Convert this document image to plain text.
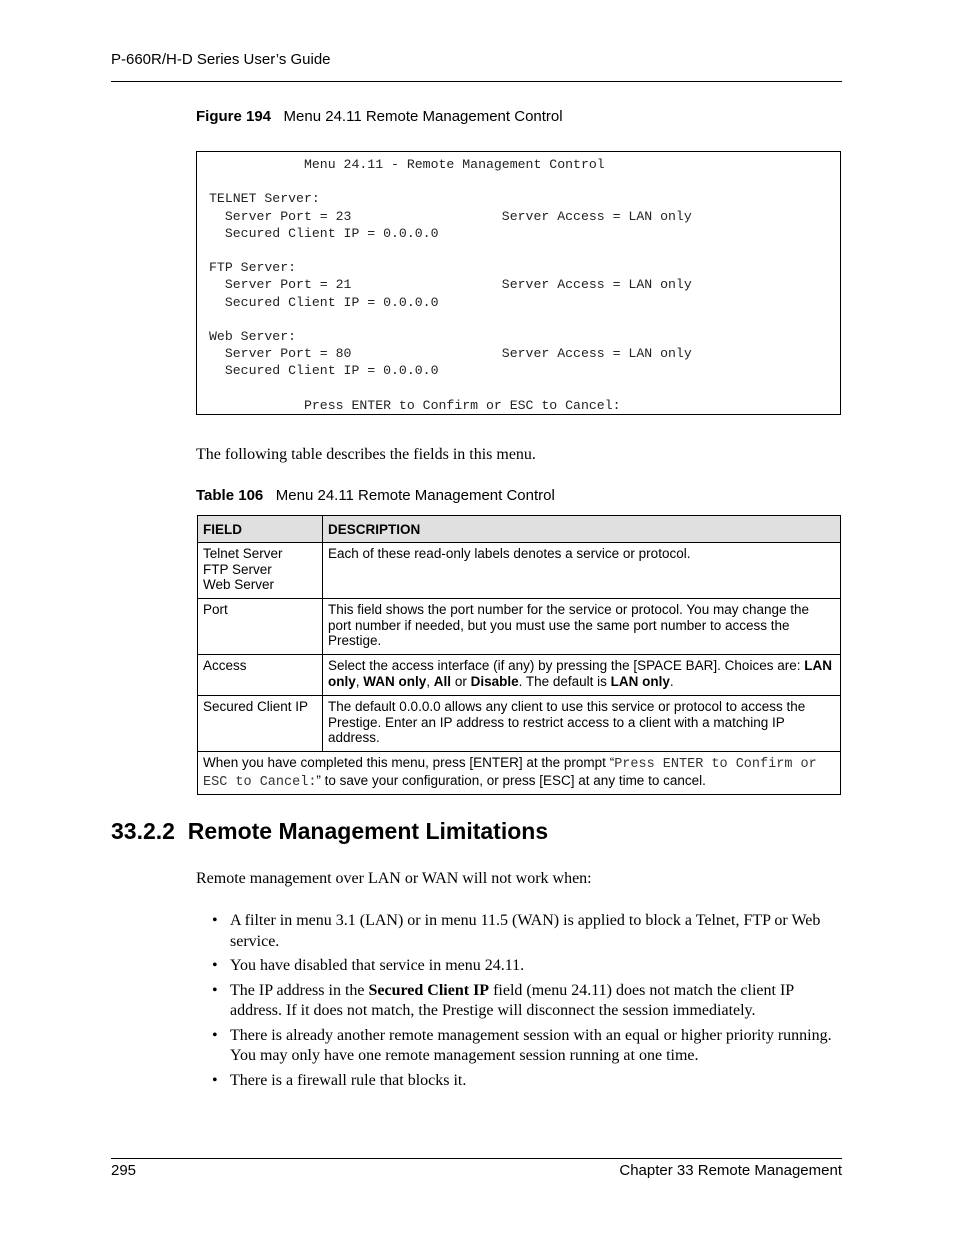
P-660R/H-D Series User’s Guide
Figure 194 Menu 24.11 Remote Management Control
Menu 24.11 - Remote Management Control

TELNET Server:
Server Port = 23                   Server Access = LAN only
Secured Client IP = 0.0.0.0

FTP Server:
Server Port = 21                   Server Access = LAN only
Secured Client IP = 0.0.0.0

Web Server:
Server Port = 80                   Server Access = LAN only
Secured Client IP = 0.0.0.0

Press ENTER to Confirm or ESC to Cancel:
The following table describes the fields in this menu.
Table 106 Menu 24.11 Remote Management Control
FIELD	DESCRIPTION

Telnet Server
FTP Server
Web Server	Each of these read-only labels denotes a service or protocol.
Port	This field shows the port number for the service or protocol. You may change the port number if needed, but you must use the same port number to access the Prestige.
Access	Select the access interface (if any) by pressing the [SPACE BAR]. Choices are: LAN only, WAN only, All or Disable. The default is LAN only.
Secured Client IP	The default 0.0.0.0 allows any client to use this service or protocol to access the Prestige. Enter an IP address to restrict access to a client with a matching IP address.
When you have completed this menu, press [ENTER] at the prompt “Press ENTER to Confirm or ESC to Cancel:” to save your configuration, or press [ESC] at any time to cancel.	
33.2.2 Remote Management Limitations
Remote management over LAN or WAN will not work when:
• A filter in menu 3.1 (LAN) or in menu 11.5 (WAN) is applied to block a Telnet, FTP or Web service.
• You have disabled that service in menu 24.11.
• The IP address in the Secured Client IP field (menu 24.11) does not match the client IP address. If it does not match, the Prestige will disconnect the session immediately.
• There is already another remote management session with an equal or higher priority running. You may only have one remote management session running at one time.
• There is a firewall rule that blocks it.
295	Chapter 33 Remote Management
